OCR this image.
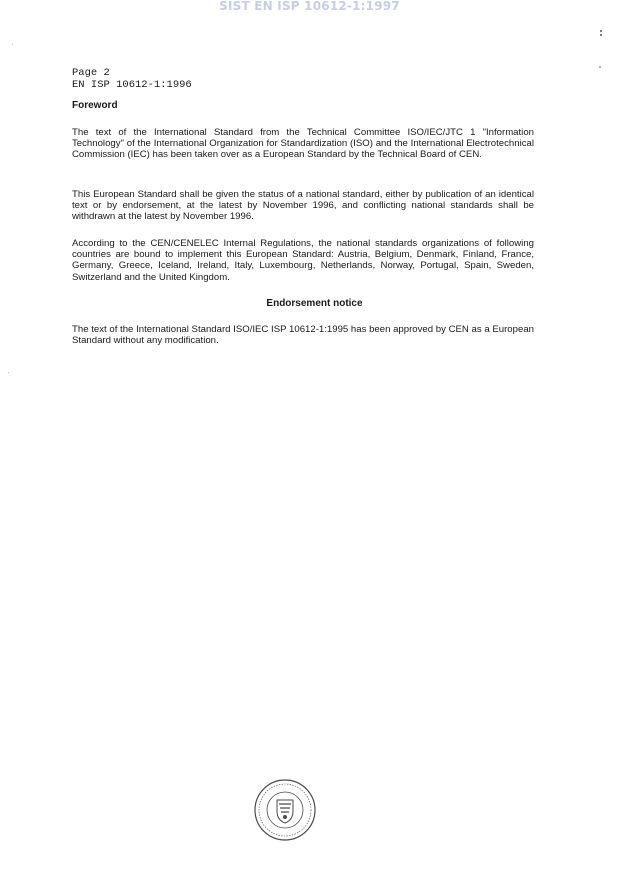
SIST EN ISP 10612-1:1997
Page 2
EN ISP 10612-1:1996
Foreword
The text of the International Standard from the Technical Committee ISO/IEC/JTC 1 "Information Technology" of the International Organization for Standardization (ISO) and the International Electrotechnical Commission (IEC) has been taken over as a European Standard by the Technical Board of CEN.
This European Standard shall be given the status of a national standard, either by publication of an identical text or by endorsement, at the latest by November 1996, and conflicting national standards shall be withdrawn at the latest by November 1996.
According to the CEN/CENELEC Internal Regulations, the national standards organizations of following countries are bound to implement this European Standard: Austria, Belgium, Denmark, Finland, France, Germany, Greece, Iceland, Ireland, Italy, Luxembourg, Netherlands, Norway, Portugal, Spain, Sweden, Switzerland and the United Kingdom.
Endorsement notice
The text of the International Standard ISO/IEC ISP 10612-1:1995 has been approved by CEN as a European Standard without any modification.
